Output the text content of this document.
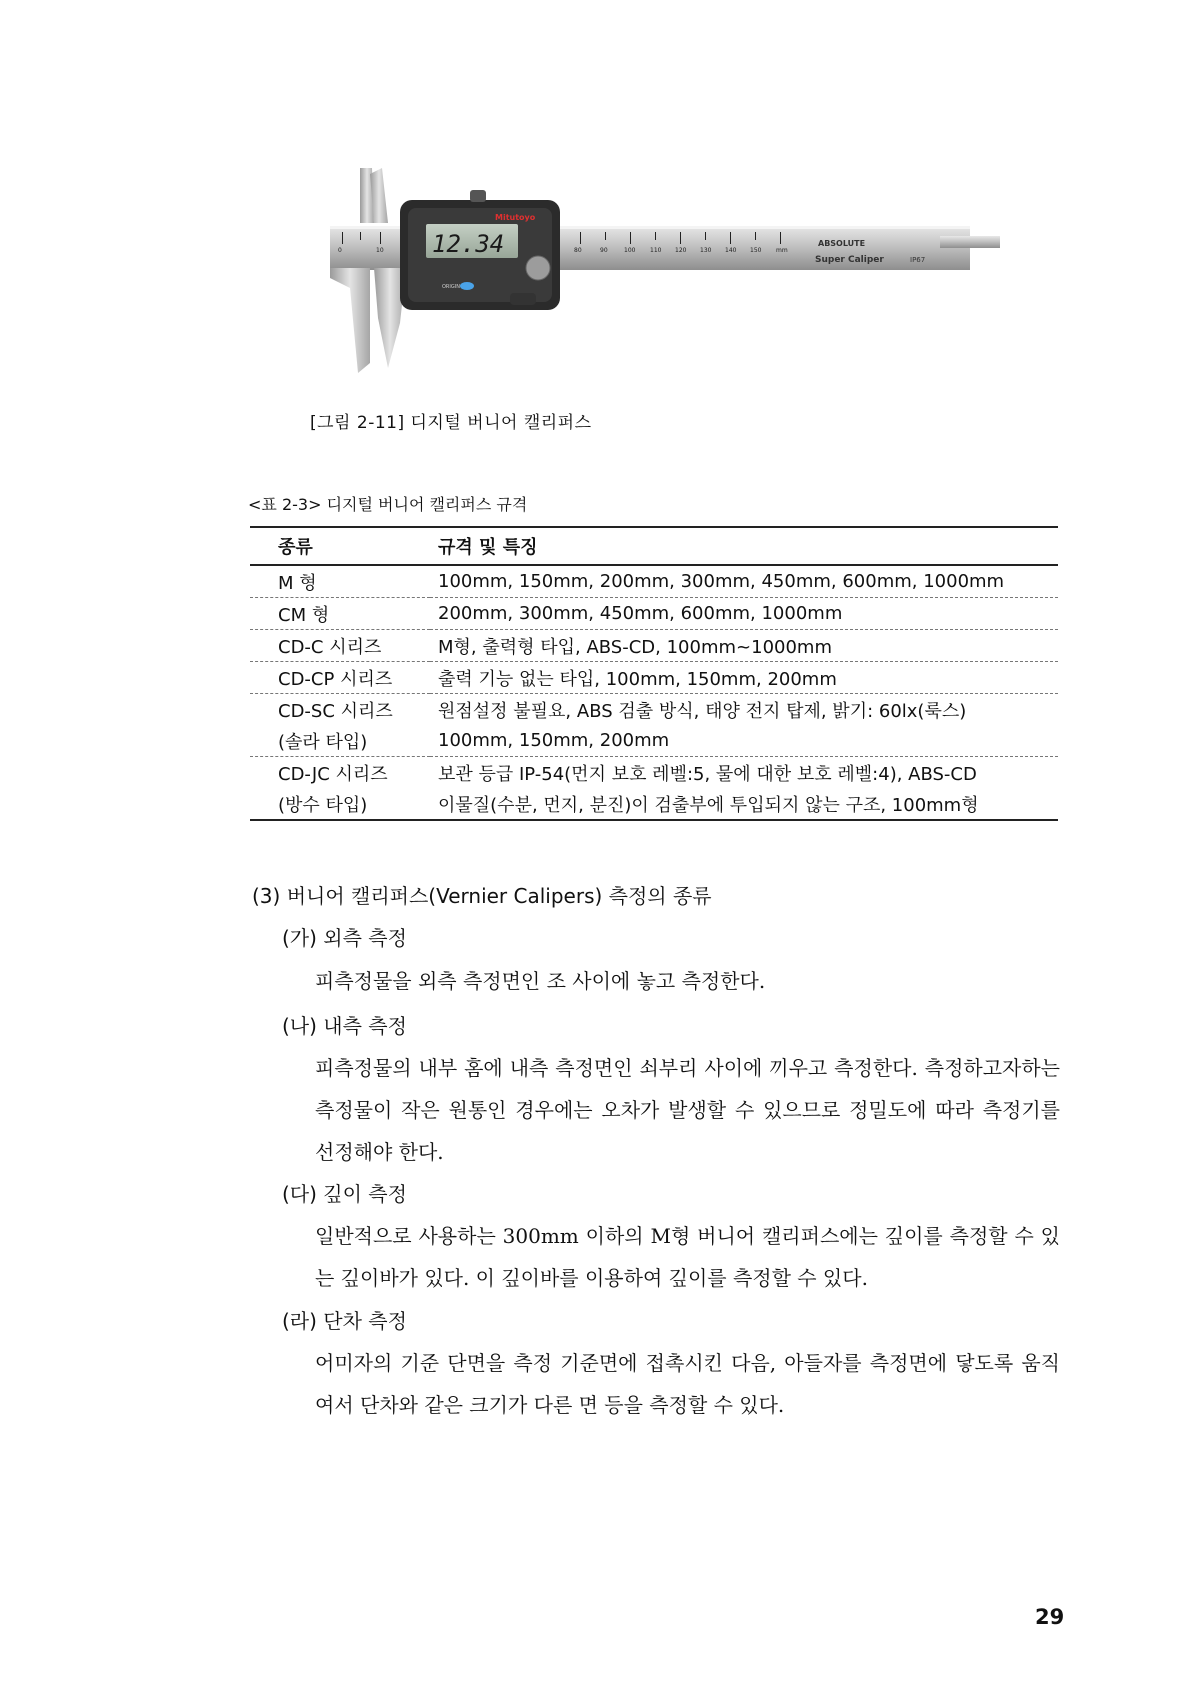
0	10	80	90	100 110 120 130 140 150 mm
ABSOLUTE
Super Caliper	IP67
12.34
Mitutoyo
ORIGIN
[그림 2-11] 디지털 버니어 캘리퍼스
<표 2-3> 디지털 버니어 캘리퍼스 규격
종류	규격 및 특징
M 형	100mm, 150mm, 200mm, 300mm, 450mm, 600mm, 1000mm
CM 형	200mm, 300mm, 450mm, 600mm, 1000mm
CD-C 시리즈	M형, 출력형 타입, ABS-CD, 100mm~1000mm
CD-CP 시리즈	출력 기능 없는 타입, 100mm, 150mm, 200mm
CD-SC 시리즈	원점설정 불필요, ABS 검출 방식, 태양 전지 탑제, 밝기: 60lx(룩스)
(솔라 타입)	100mm, 150mm, 200mm
CD-JC 시리즈	보관 등급 IP-54(먼지 보호 레벨:5, 물에 대한 보호 레벨:4), ABS-CD
(방수 타입)	이물질(수분, 먼지, 분진)이 검출부에 투입되지 않는 구조, 100mm형
(3) 버니어 캘리퍼스(Vernier Calipers) 측정의 종류
(가) 외측 측정
피측정물을 외측 측정면인 조 사이에 놓고 측정한다.
(나) 내측 측정
피측정물의 내부 홈에 내측 측정면인 쇠부리 사이에 끼우고 측정한다. 측정하고자하는 측정물이 작은 원통인 경우에는 오차가 발생할 수 있으므로 정밀도에 따라 측정기를 선정해야 한다.
(다) 깊이 측정
일반적으로 사용하는 300mm 이하의 M형 버니어 캘리퍼스에는 깊이를 측정할 수 있는 깊이바가 있다. 이 깊이바를 이용하여 깊이를 측정할 수 있다.
(라) 단차 측정
어미자의 기준 단면을 측정 기준면에 접촉시킨 다음, 아들자를 측정면에 닿도록 움직여서 단차와 같은 크기가 다른 면 등을 측정할 수 있다.
29
